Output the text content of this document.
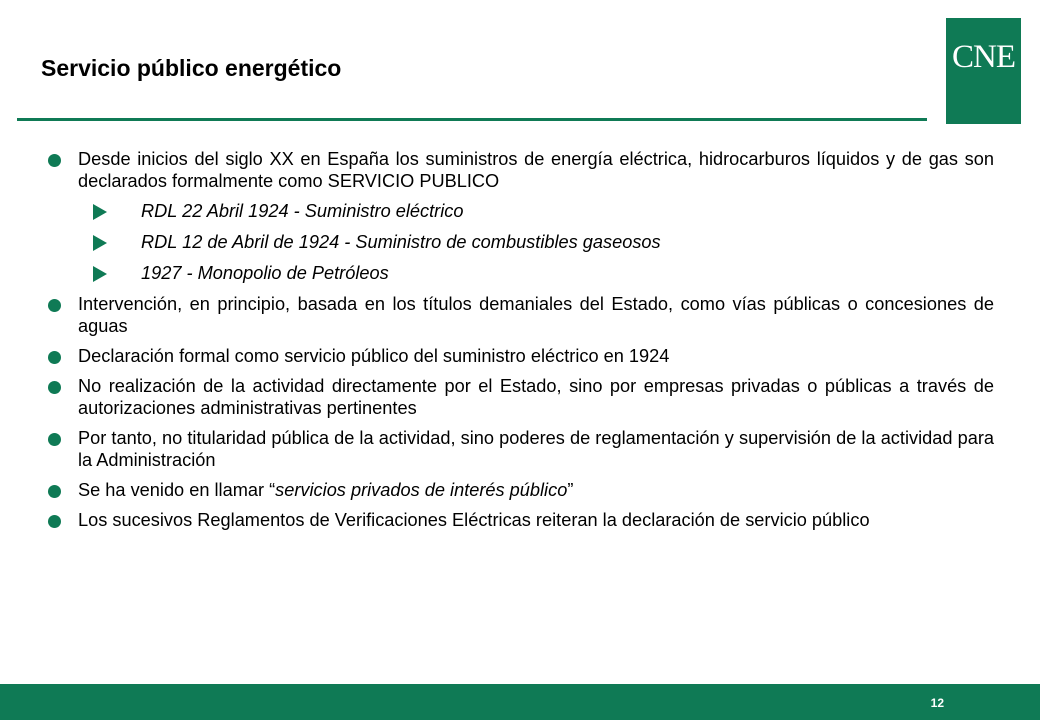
Servicio público energético	CNE
Desde inicios del siglo XX en España los suministros de energía eléctrica, hidrocarburos líquidos y de gas son declarados formalmente como SERVICIO PUBLICO
RDL 22 Abril 1924 - Suministro eléctrico
RDL 12 de Abril de 1924 - Suministro de combustibles gaseosos
1927 - Monopolio de Petróleos
Intervención, en principio, basada en los títulos demaniales del Estado, como vías públicas o concesiones de aguas
Declaración formal como servicio público del suministro eléctrico en 1924
No realización de la actividad directamente por el Estado, sino por empresas privadas o públicas a través de autorizaciones administrativas pertinentes
Por tanto, no titularidad pública de la actividad, sino poderes de reglamentación y supervisión de la actividad para la Administración
Se ha venido en llamar “servicios privados de interés público”
Los sucesivos Reglamentos de Verificaciones Eléctricas reiteran la declaración de servicio público
12
